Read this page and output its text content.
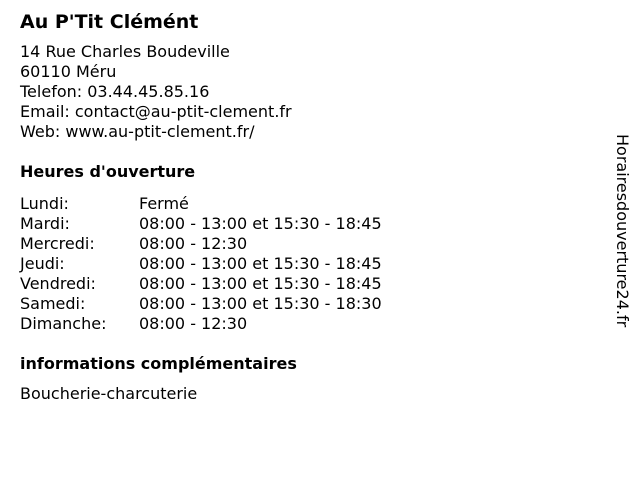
Au P'Tit Clémént
14 Rue Charles Boudeville
60110 Méru
Telefon: 03.44.45.85.16
Email: contact@au-ptit-clement.fr
Web: www.au-ptit-clement.fr/
Heures d'ouverture
Lundi:	Fermé
Mardi:	08:00 - 13:00 et 15:30 - 18:45
Mercredi:	08:00 - 12:30
Jeudi:	08:00 - 13:00 et 15:30 - 18:45
Vendredi:	08:00 - 13:00 et 15:30 - 18:45
Samedi:	08:00 - 13:00 et 15:30 - 18:30
Dimanche:	08:00 - 12:30
informations complémentaires
Boucherie-charcuterie
Horairesdouverture24.fr
